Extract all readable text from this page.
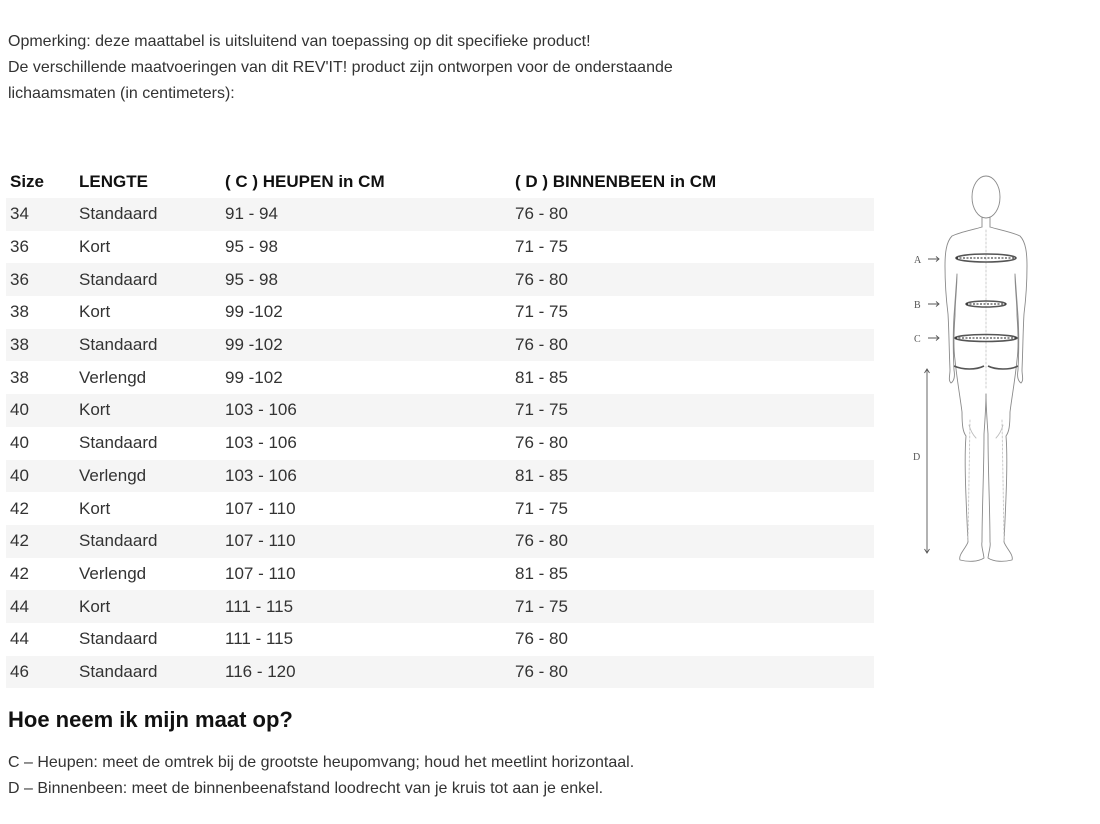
Opmerking: deze maattabel is uitsluitend van toepassing op dit specifieke product!

De verschillende maatvoeringen van dit REV'IT! product zijn ontworpen voor de onderstaande

lichaamsmaten (in centimeters):

Size	LENGTE	( C ) HEUPEN in CM	( D ) BINNENBEEN in CM
34	Standaard	91 - 94	76 - 80
36	Kort	95 - 98	71 - 75
36	Standaard	95 - 98	76 - 80
38	Kort	99 -102	71 - 75
38	Standaard	99 -102	76 - 80
38	Verlengd	99 -102	81 - 85
40	Kort	103 - 106	71 - 75
40	Standaard	103 - 106	76 - 80
40	Verlengd	103 - 106	81 - 85
42	Kort	107 - 110	71 - 75
42	Standaard	107 - 110	76 - 80
42	Verlengd	107 - 110	81 - 85
44	Kort	111 - 115	71 - 75
44	Standaard	111 - 115	76 - 80
46	Standaard	116 - 120	76 - 80
A
B
C
D
Hoe neem ik mijn maat op?

C – Heupen: meet de omtrek bij de grootste heupomvang; houd het meetlint horizontaal.

D – Binnenbeen: meet de binnenbeenafstand loodrecht van je kruis tot aan je enkel.
